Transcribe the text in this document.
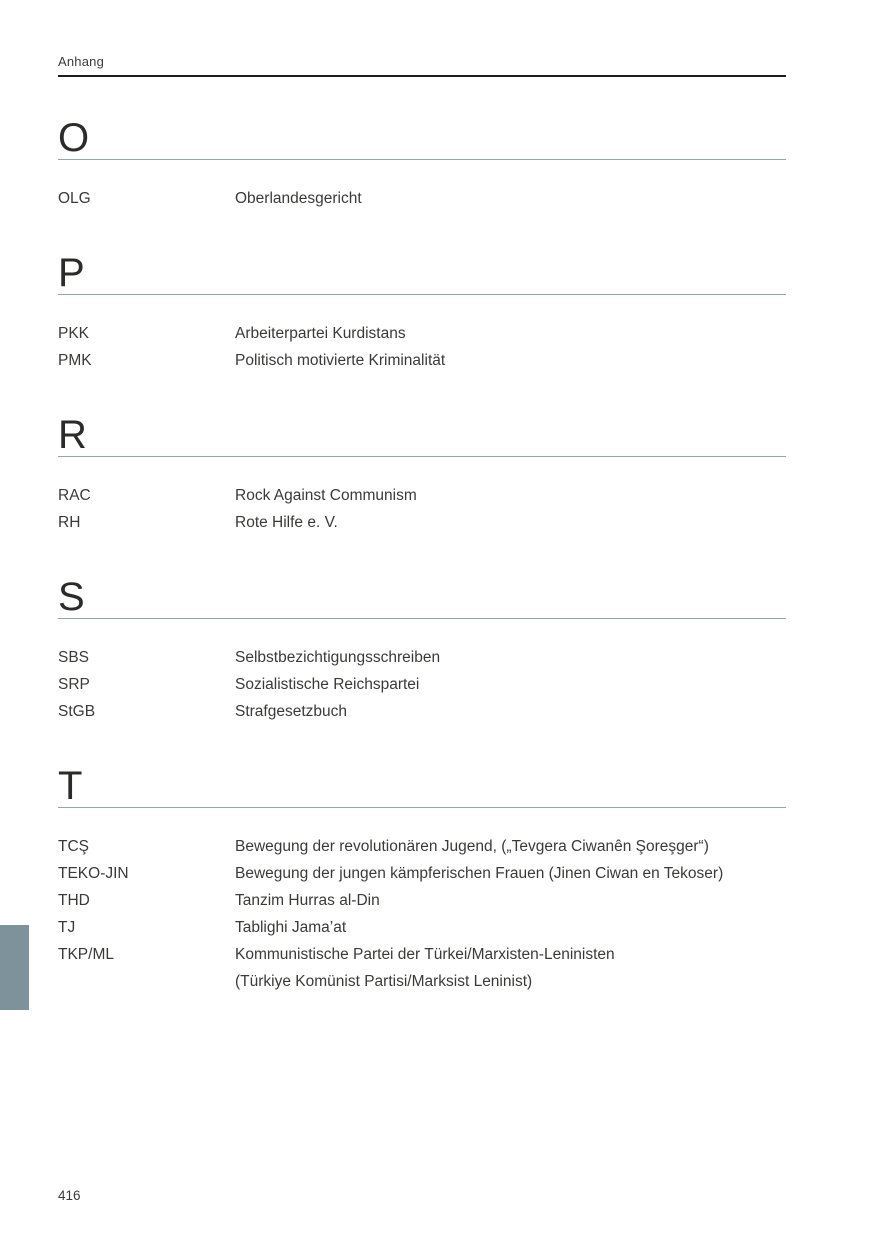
Anhang
O
OLG	Oberlandesgericht
P
PKK	Arbeiterpartei Kurdistans
PMK	Politisch motivierte Kriminalität
R
RAC	Rock Against Communism
RH	Rote Hilfe e. V.
S
SBS	Selbstbezichtigungsschreiben
SRP	Sozialistische Reichspartei
StGB	Strafgesetzbuch
T
TCŞ	Bewegung der revolutionären Jugend, („Tevgera Ciwanên Şoreşger“)
TEKO-JIN	Bewegung der jungen kämpferischen Frauen (Jinen Ciwan en Tekoser)
THD	Tanzim Hurras al-Din
TJ	Tablighi Jama’at
TKP/ML	Kommunistische Partei der Türkei/Marxisten-Leninisten
(Türkiye Komünist Partisi/Marksist Leninist)
416
